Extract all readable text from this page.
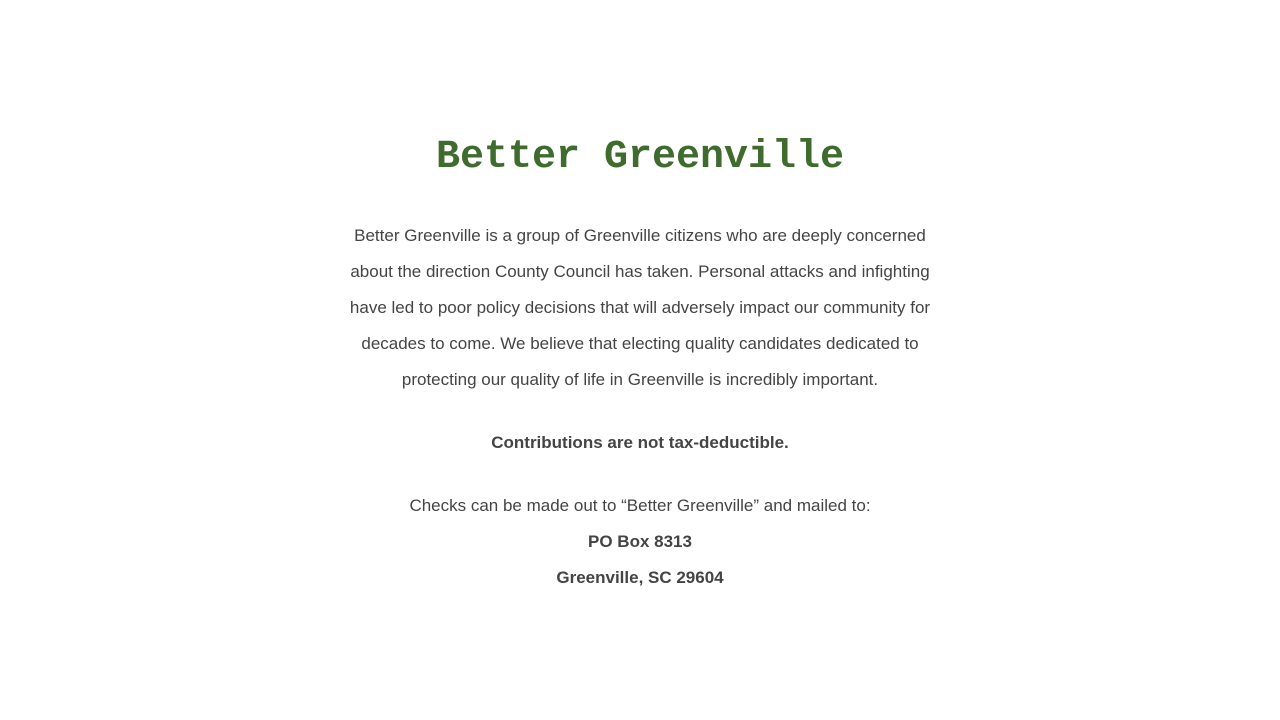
Better Greenville

Better Greenville is a group of Greenville citizens who are deeply concerned about the direction County Council has taken. Personal attacks and infighting have led to poor policy decisions that will adversely impact our community for decades to come. We believe that electing quality candidates dedicated to protecting our quality of life in Greenville is incredibly important.

Contributions are not tax-deductible.

Checks can be made out to “Better Greenville” and mailed to:
PO Box 8313
Greenville, SC 29604
